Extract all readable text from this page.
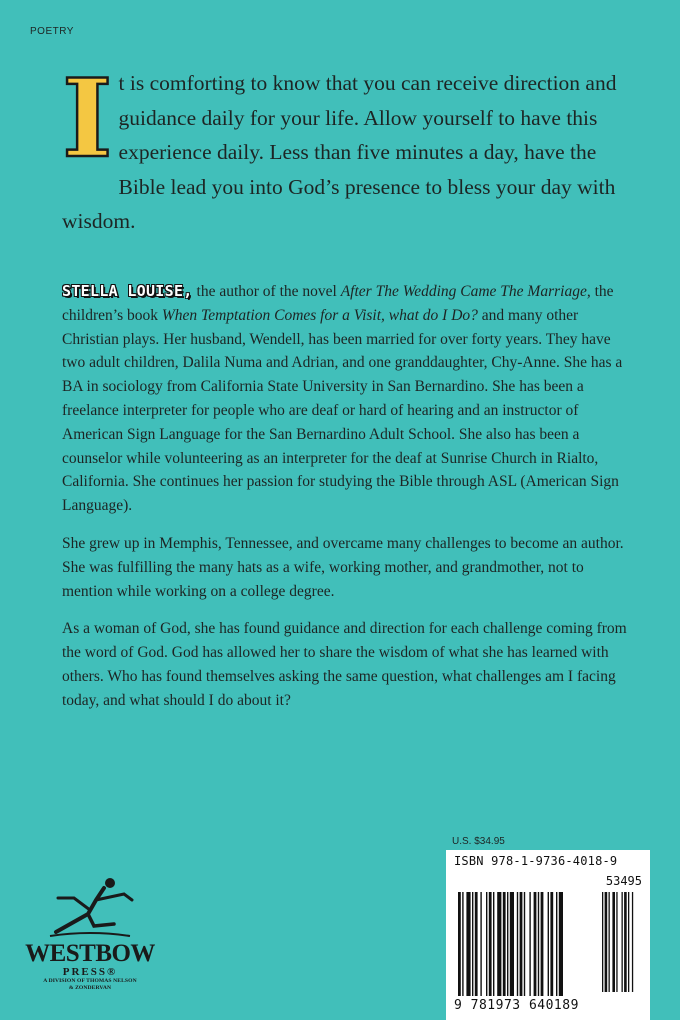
POETRY
I t is comforting to know that you can receive direction and guidance daily for your life. Allow yourself to have this experience daily. Less than five minutes a day, have the Bible lead you into God’s presence to bless your day with wisdom.

STELLA LOUISE, the author of the novel After The Wedding Came The Marriage, the children’s book When Temptation Comes for a Visit, what do I Do? and many other Christian plays. Her husband, Wendell, has been married for over forty years. They have two adult children, Dalila Numa and Adrian, and one granddaughter, Chy-Anne. She has a BA in sociology from California State University in San Bernardino. She has been a freelance interpreter for people who are deaf or hard of hearing and an instructor of American Sign Language for the San Bernardino Adult School. She also has been a counselor while volunteering as an interpreter for the deaf at Sunrise Church in Rialto, California. She continues her passion for studying the Bible through ASL (American Sign Language).

She grew up in Memphis, Tennessee, and overcame many challenges to become an author. She was fulfilling the many hats as a wife, working mother, and grandmother, not to mention while working on a college degree.

As a woman of God, she has found guidance and direction for each challenge coming from the word of God. God has allowed her to share the wisdom of what she has learned with others. Who has found themselves asking the same question, what challenges am I facing today, and what should I do about it?

WESTBOW
PRESS®
A DIVISION OF THOMAS NELSON
& ZONDERVAN
U.S. $34.95
ISBN 978-1-9736-4018-9
53495
9 781973 640189
